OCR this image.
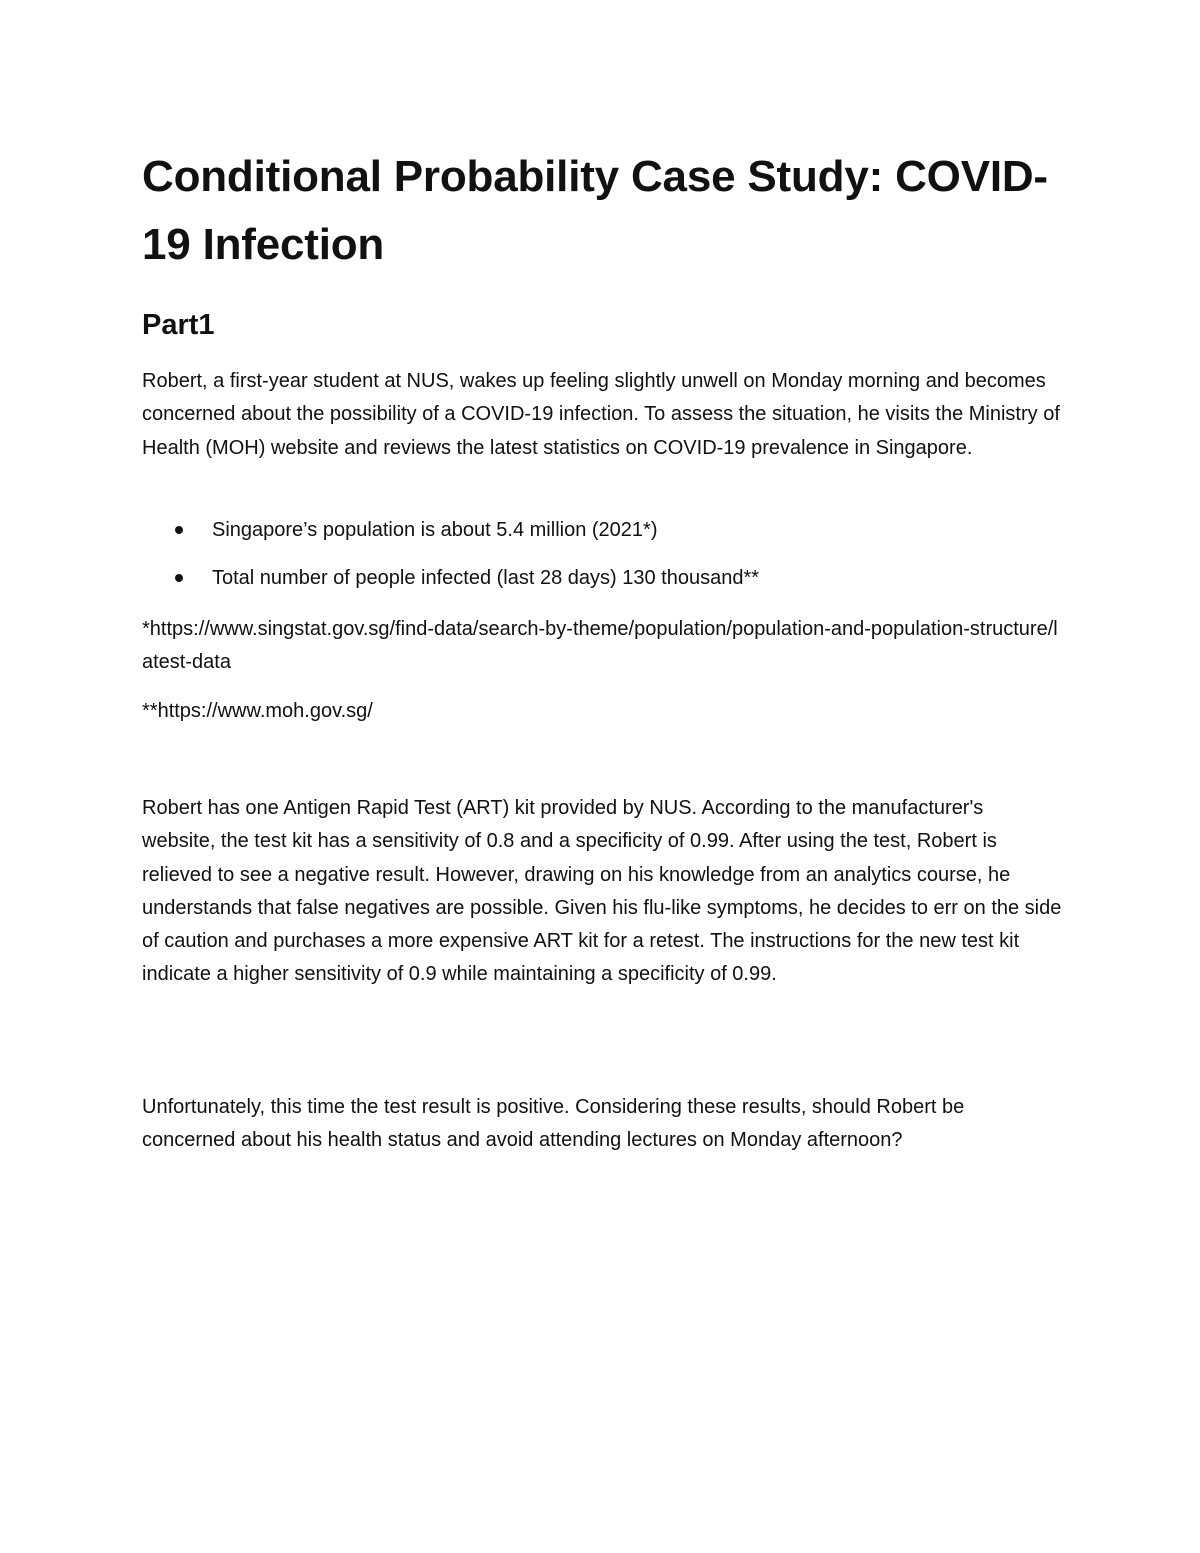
Conditional Probability Case Study: COVID-19 Infection
Part1

Robert, a first-year student at NUS, wakes up feeling slightly unwell on Monday morning and becomes concerned about the possibility of a COVID-19 infection. To assess the situation, he visits the Ministry of Health (MOH) website and reviews the latest statistics on COVID-19 prevalence in Singapore.

Singapore’s population is about 5.4 million (2021*)
Total number of people infected (last 28 days) 130 thousand**

*https://www.singstat.gov.sg/find-data/search-by-theme/population/population-and-population-structure/latest-data

**https://www.moh.gov.sg/

Robert has one Antigen Rapid Test (ART) kit provided by NUS. According to the manufacturer's website, the test kit has a sensitivity of 0.8 and a specificity of 0.99. After using the test, Robert is relieved to see a negative result. However, drawing on his knowledge from an analytics course, he understands that false negatives are possible. Given his flu-like symptoms, he decides to err on the side of caution and purchases a more expensive ART kit for a retest. The instructions for the new test kit indicate a higher sensitivity of 0.9 while maintaining a specificity of 0.99.

Unfortunately, this time the test result is positive. Considering these results, should Robert be concerned about his health status and avoid attending lectures on Monday afternoon?
